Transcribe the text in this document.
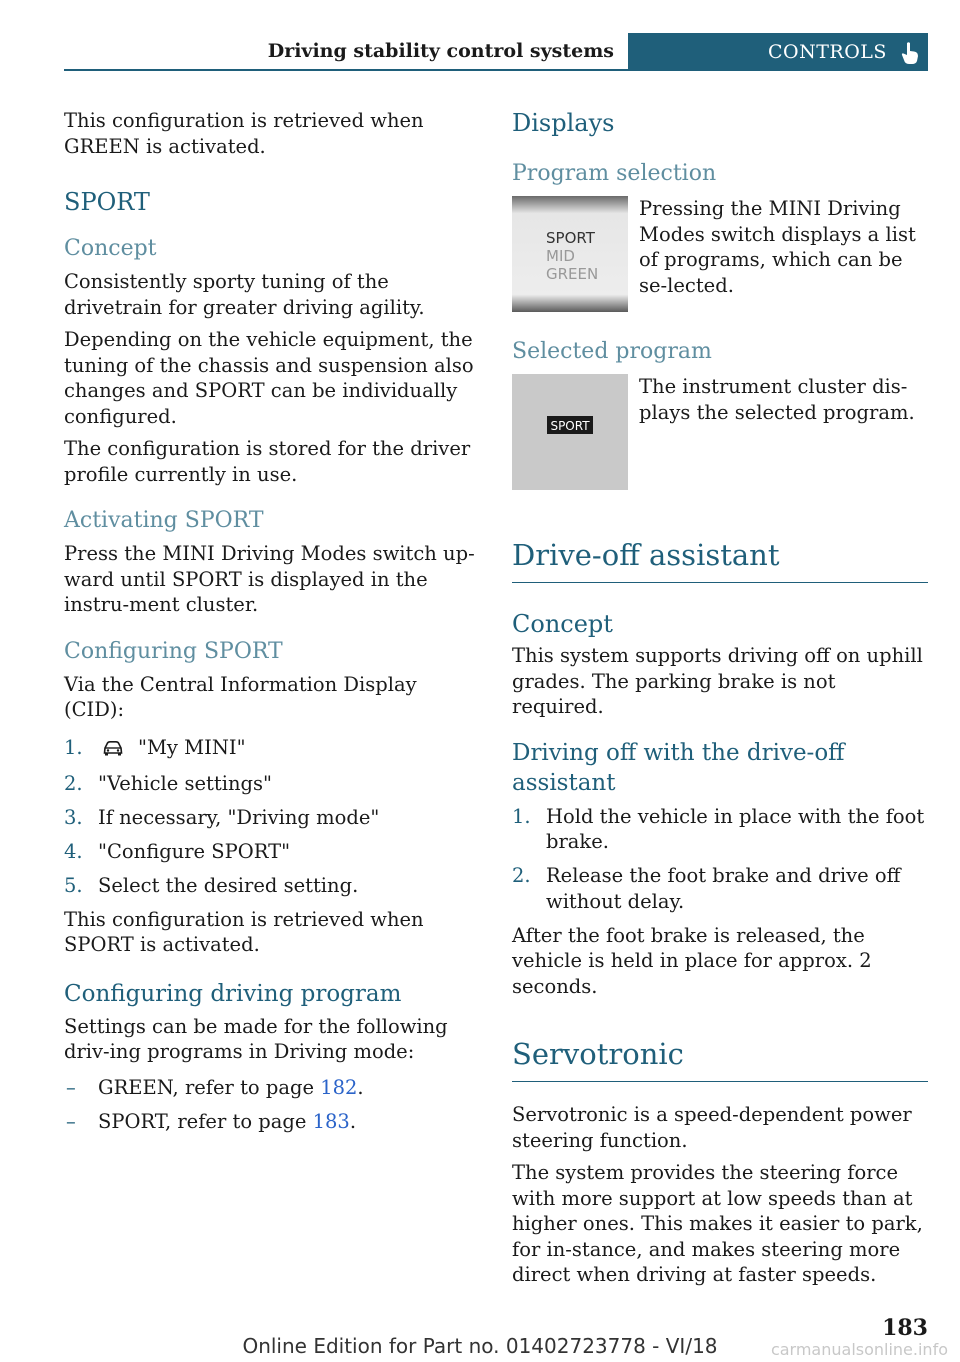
Driving stability control systems	CONTROLS

This configuration is retrieved when GREEN is activated.

SPORT
Concept

Consistently sporty tuning of the drivetrain for greater driving agility.

Depending on the vehicle equipment, the tuning of the chassis and suspension also changes and SPORT can be individually configured.

The configuration is stored for the driver profile currently in use.

Activating SPORT

Press the MINI Driving Modes switch up-ward until SPORT is displayed in the instru-ment cluster.

Configuring SPORT

Via the Central Information Display (CID):

1.	"My MINI"
2. "Vehicle settings"
3. If necessary, "Driving mode"
4. "Configure SPORT"
5. Select the desired setting.

This configuration is retrieved when SPORT is activated.

Configuring driving program

Settings can be made for the following driv-ing programs in Driving mode:

– GREEN, refer to page 182.
– SPORT, refer to page 183.
Displays
Program selection
SPORT
MID
GREEN
Pressing the MINI Driving Modes switch displays a list of programs, which can be se-lected.
Selected program
SPORT
The instrument cluster dis-plays the selected program.
Drive-off assistant
Concept

This system supports driving off on uphill grades. The parking brake is not required.

Driving off with the drive-off assistant
1. Hold the vehicle in place with the foot brake.
2. Release the foot brake and drive off without delay.

After the foot brake is released, the vehicle is held in place for approx. 2 seconds.

Servotronic

Servotronic is a speed-dependent power steering function.

The system provides the steering force with more support at low speeds than at higher ones. This makes it easier to park, for in-stance, and makes steering more direct when driving at faster speeds.

183
Online Edition for Part no. 01402723778 - VI/18	carmanualsonline.info
